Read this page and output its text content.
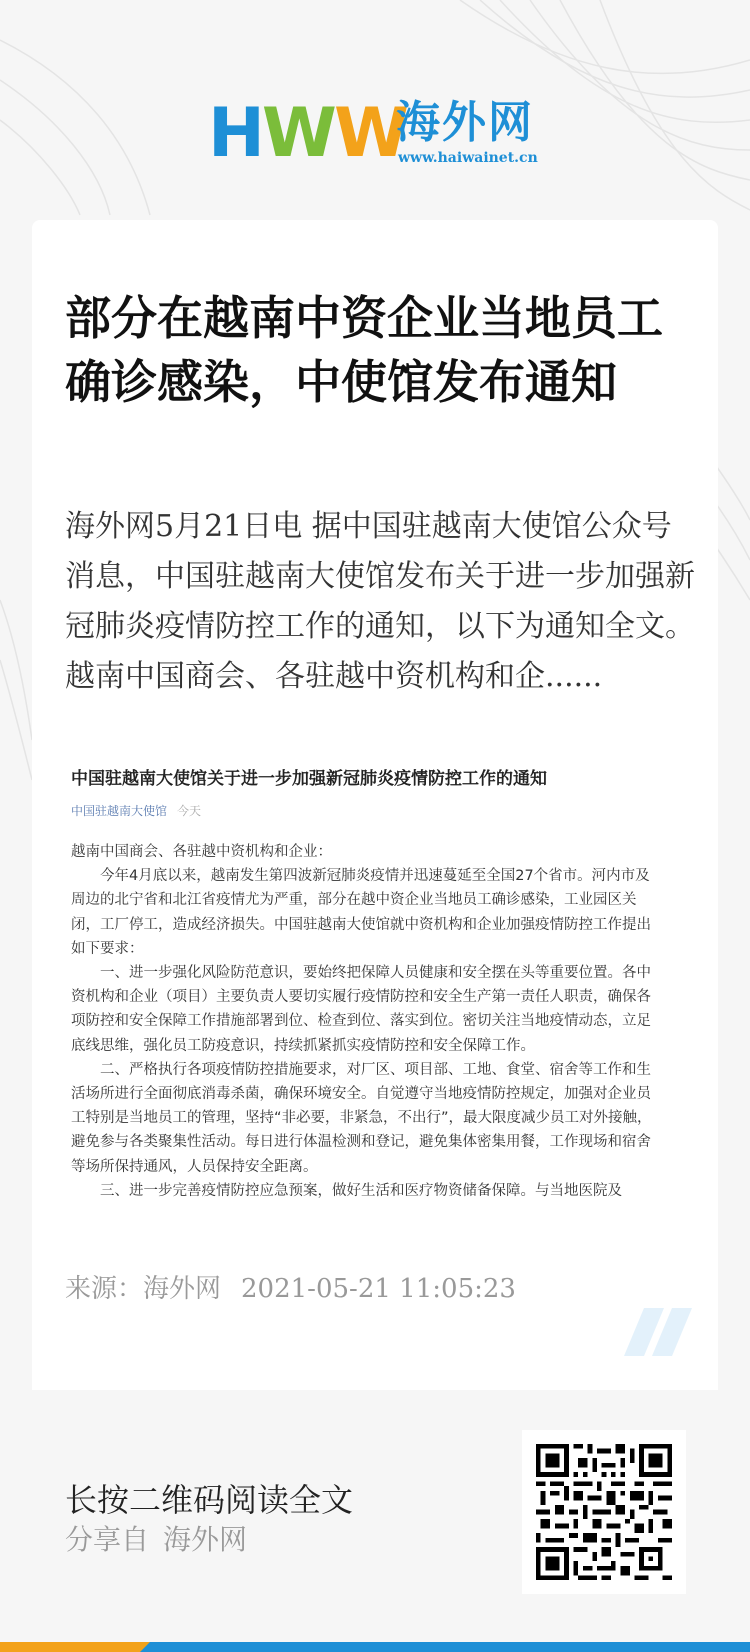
HWW
海外网
www.haiwainet.cn
部分在越南中资企业当地员工确诊感染，中使馆发布通知
海外网5月21日电 据中国驻越南大使馆公众号消息，中国驻越南大使馆发布关于进一步加强新冠肺炎疫情防控工作的通知，以下为通知全文。越南中国商会、各驻越中资机构和企......
中国驻越南大使馆关于进一步加强新冠肺炎疫情防控工作的通知
中国驻越南大使馆 今天

越南中国商会、各驻越中资机构和企业：

　　今年4月底以来，越南发生第四波新冠肺炎疫情并迅速蔓延至全国27个省市。河内市及周边的北宁省和北江省疫情尤为严重，部分在越中资企业当地员工确诊感染，工业园区关闭，工厂停工，造成经济损失。中国驻越南大使馆就中资机构和企业加强疫情防控工作提出如下要求：

　　一、进一步强化风险防范意识，要始终把保障人员健康和安全摆在头等重要位置。各中资机构和企业（项目）主要负责人要切实履行疫情防控和安全生产第一责任人职责，确保各项防控和安全保障工作措施部署到位、检查到位、落实到位。密切关注当地疫情动态，立足底线思维，强化员工防疫意识，持续抓紧抓实疫情防控和安全保障工作。

　　二、严格执行各项疫情防控措施要求，对厂区、项目部、工地、食堂、宿舍等工作和生活场所进行全面彻底消毒杀菌，确保环境安全。自觉遵守当地疫情防控规定，加强对企业员工特别是当地员工的管理，坚持“非必要，非紧急，不出行”，最大限度减少员工对外接触，避免参与各类聚集性活动。每日进行体温检测和登记，避免集体密集用餐，工作现场和宿舍等场所保持通风，人员保持安全距离。

　　三、进一步完善疫情防控应急预案，做好生活和医疗物资储备保障。与当地医院及

来源：海外网 2021-05-21 11:05:23
长按二维码阅读全文
分享自 海外网
